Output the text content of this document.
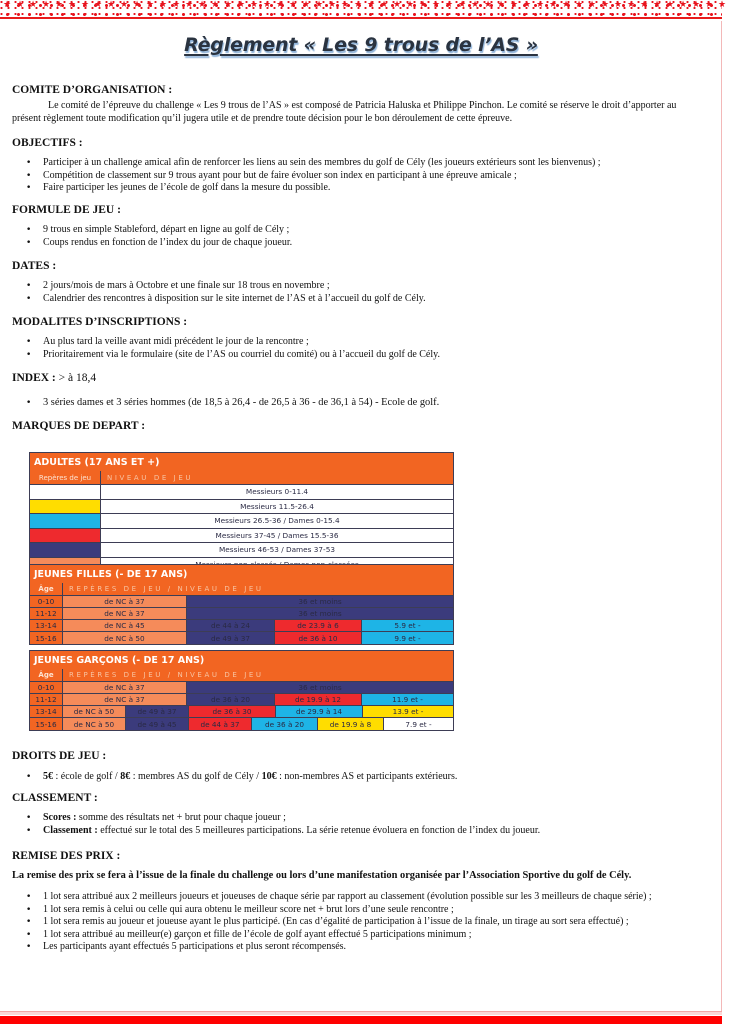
★ ★ ★ ★ ★ ★ ★ ★ ★ ★ ★ ★ ★ ★ ★ ★ ★ ★ ★ ★ ★ ★ ★ ★ ★ ★ ★ ★ ★ ★ ★ ★ ★ ★ ★ ★ ★ ★ ★ ★ ★ ★ ★ ★ ★ ★ ★ ★ ★ ★ ★ ★ ★ ★ ★ ★
Règlement « Les 9 trous de l’AS »
COMITE D’ORGANISATION :
Le comité de l’épreuve du challenge « Les 9 trous de l’AS » est composé de Patricia Haluska et Philippe Pinchon. Le comité se réserve le droit d’apporter au présent règlement toute modification qu’il jugera utile et de prendre toute décision pour le bon déroulement de cette épreuve.
OBJECTIFS :
• Participer à un challenge amical afin de renforcer les liens au sein des membres du golf de Cély (les joueurs extérieurs sont les bienvenus) ;
• Compétition de classement sur 9 trous ayant pour but de faire évoluer son index en participant à une épreuve amicale ;
• Faire participer les jeunes de l’école de golf dans la mesure du possible.
FORMULE DE JEU :
• 9 trous en simple Stableford, départ en ligne au golf de Cély ;
• Coups rendus en fonction de l’index du jour de chaque joueur.
DATES :
• 2 jours/mois de mars à Octobre et une finale sur 18 trous en novembre ;
• Calendrier des rencontres à disposition sur le site internet de l’AS et à l’accueil du golf de Cély.
MODALITES D’INSCRIPTIONS :
• Au plus tard la veille avant midi précédent le jour de la rencontre ;
• Prioritairement via le formulaire (site de l’AS ou courriel du comité) ou à l’accueil du golf de Cély.
INDEX : > à 18,4
• 3 séries dames et 3 séries hommes (de 18,5 à 26,4 - de 26,5 à 36 - de 36,1 à 54) - Ecole de golf.
MARQUES DE DEPART :
ADULTES (17 ANS ET +)
Repères de jeu	NIVEAU DE JEU
Messieurs 0-11.4
Messieurs 11.5-26.4
Messieurs 26.5-36 / Dames 0-15.4
Messieurs 37-45 / Dames 15.5-36
Messieurs 46-53 / Dames 37-53
JEUNES FILLES (- DE 17 ANS)
Âge	REPÈRES DE JEU / NIVEAU DE JEU
0-10	de NC à 37	36 et moins
11-12	de NC à 37	36 et moins
13-14	de NC à 45	de 44 à 24	de 23.9 à 6	5.9 et -
15-16	de NC à 50	de 49 à 37	de 36 à 10	9.9 et -
JEUNES GARÇONS (- DE 17 ANS)
Âge	REPÈRES DE JEU / NIVEAU DE JEU
0-10	de NC à 37	36 et moins
11-12	de NC à 37	de 36 à 20	de 19.9 à 12	11.9 et -
13-14	de NC à 50	de 49 à 37	de 36 à 30	de 29.9 à 14	13.9 et -
15-16	de NC à 50	de 49 à 45	de 44 à 37	de 36 à 20	de 19.9 à 8	7.9 et -
DROITS DE JEU :
• 5€ : école de golf / 8€ : membres AS du golf de Cély / 10€ : non-membres AS et participants extérieurs.
CLASSEMENT :
• Scores : somme des résultats net + brut pour chaque joueur ;
• Classement : effectué sur le total des 5 meilleures participations. La série retenue évoluera en fonction de l’index du joueur.
REMISE DES PRIX :
La remise des prix se fera à l’issue de la finale du challenge ou lors d’une manifestation organisée par l’Association Sportive du golf de Cély.
• 1 lot sera attribué aux 2 meilleurs joueurs et joueuses de chaque série par rapport au classement (évolution possible sur les 3 meilleurs de chaque série) ;
• 1 lot sera remis à celui ou celle qui aura obtenu le meilleur score net + brut lors d’une seule rencontre ;
• 1 lot sera remis au joueur et joueuse ayant le plus participé. (En cas d’égalité de participation à l’issue de la finale, un tirage au sort sera effectué) ;
• 1 lot sera attribué au meilleur(e) garçon et fille de l’école de golf ayant effectué 5 participations minimum ;
• Les participants ayant effectués 5 participations et plus seront récompensés.
